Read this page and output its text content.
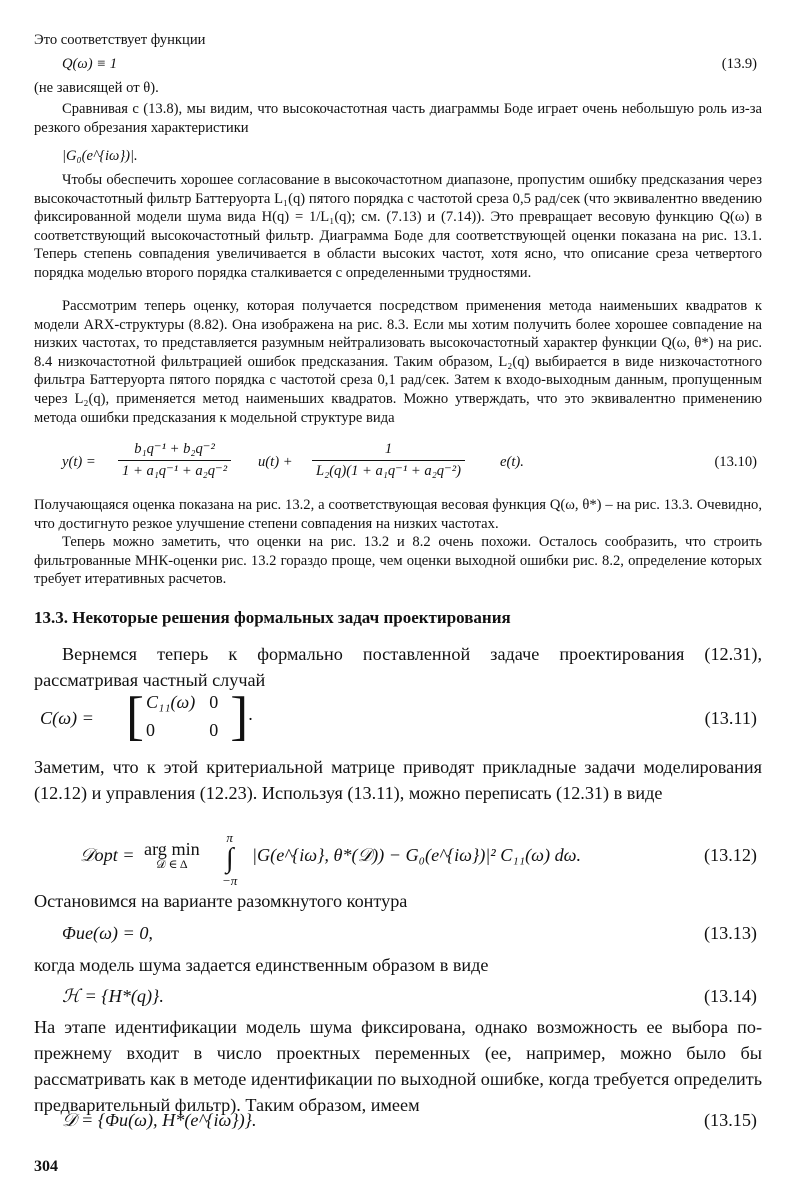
Это соответствует функции
Q(ω) ≡ 1	(13.9)
(не зависящей от θ).
Сравнивая с (13.8), мы видим, что высокочастотная часть диаграммы Боде играет очень небольшую роль из-за резкого обрезания характеристики
|G₀(e^{iω})|.
Чтобы обеспечить хорошее согласование в высокочастотном диапазоне, пропустим ошибку предсказания через высокочастотный фильтр Баттеруорта L₁(q) пятого порядка с частотой среза 0,5 рад/сек (что эквивалентно введению фиксированной модели шума вида H(q) = 1/L₁(q); см. (7.13) и (7.14)). Это превращает весовую функцию Q(ω) в соответствующий высокочастотный фильтр. Диаграмма Боде для соответствующей оценки показана на рис. 13.1. Теперь степень совпадения увеличивается в области высоких частот, хотя ясно, что описание среза четвертого порядка моделью второго порядка сталкивается с определенными трудностями.
Рассмотрим теперь оценку, которая получается посредством применения метода наименьших квадратов к модели ARX-структуры (8.82). Она изображена на рис. 8.3. Если мы хотим получить более хорошее совпадение на низких частотах, то представляется разумным нейтрализовать высокочастотный характер функции Q(ω, θ*) на рис. 8.4 низкочастотной фильтрацией ошибок предсказания. Таким образом, L₂(q) выбирается в виде низкочастотного фильтра Баттеруорта пятого порядка с частотой среза 0,1 рад/сек. Затем к входо-выходным данным, пропущенным через L₂(q), применяется метод наименьших квадратов. Можно утверждать, что это эквивалентно применению метода ошибки предсказания к модельной структуре вида
$y(t) = \frac{\text{b₁q⁻¹ + b₂q⁻²}}{\text{1 + a₁q⁻¹ + a₂q⁻²}} u(t) + \frac{1}{\text{L₂(q)(1 + a₁q⁻¹ + a₂q⁻²)}} e(t)$.	(13.10)
Получающаяся оценка показана на рис. 13.2, а соответствующая весовая функция Q(ω, θ*) – на рис. 13.3. Очевидно, что достигнуто резкое улучшение степени совпадения на низких частотах.
Теперь можно заметить, что оценки на рис. 13.2 и 8.2 очень похожи. Осталось сообразить, что строить фильтрованные МНК-оценки рис. 13.2 гораздо проще, чем оценки выходной ошибки рис. 8.2, определение которых требует итеративных расчетов.
13.3. Некоторые решения формальных задач проектирования
Вернемся теперь к формально поставленной задаче проектирования (12.31), рассматривая частный случай
C(ω) = [ C₁₁(ω)	0
0	0 ].	(13.11)
Заметим, что к этой критериальной матрице приводят прикладные задачи моделирования (12.12) и управления (12.23). Используя (13.11), можно переписать (12.31) в виде
𝒟opt = arg min
𝒟 ∈ Δ
π
∫
−π
|G(e^{iω}, θ*(𝒟)) − G₀(e^{iω})|² C₁₁(ω) dω.	(13.12)
Остановимся на варианте разомкнутого контура
Φue(ω) = 0,	(13.13)
когда модель шума задается единственным образом в виде
ℋ = {H*(q)}.	(13.14)
На этапе идентификации модель шума фиксирована, однако возможность ее выбора по-прежнему входит в число проектных переменных (ее, например, можно было бы рассматривать как в методе идентификации по выходной ошибке, когда требуется определить предварительный фильтр). Таким образом, имеем
𝒟 = {Φu(ω), H*(e^{iω})}.	(13.15)
304
